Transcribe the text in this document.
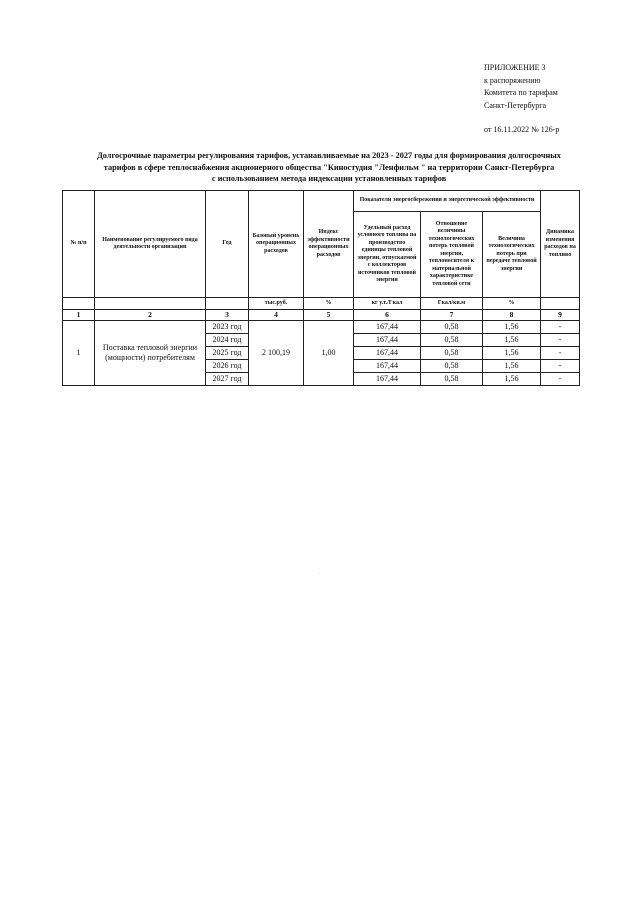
ПРИЛОЖЕНИЕ 3
к распоряжению
Комитета по тарифам
Санкт-Петербурга
от 16.11.2022 № 126-р
Долгосрочные параметры регулирования тарифов, устанавливаемые на 2023 - 2027 годы для формирования долгосрочных
тарифов в сфере теплоснабжения акционерного общества "Киностудия "Ленфильм " на территории Санкт-Петербурга
с использованием метода индексации установленных тарифов
№ п/п	Наименование регулируемого вида деятельности организации	Год	Базовый уровень операционных расходов	Индекс эффективности операционных расходов	Показатели энергосбережения и энергетической эффективности			Динамика изменения расходов на топливо
					Удельный расход условного топлива на производство единицы тепловой энергии, отпускаемой с коллекторов источников тепловой энергии	Отношение величины технологических потерь тепловой энергии, теплоносителя к материальной характеристике тепловой сети	Величина технологических потерь при передаче тепловой энергии	
			тыс.руб.	%	кг у.т./Гкал	Гкал/кв.м	%	
1	2	3	4	5	6	7	8	9
1	Поставка тепловой энергии (мощности) потребителям	2023 год	2 100,19	1,00	167,44	0,58	1,56	-
		2024 год			167,44	0,58	1,56	-
		2025 год			167,44	0,58	1,56	-
		2026 год			167,44	0,58	1,56	-
		2027 год			167,44	0,58	1,56	-
·
